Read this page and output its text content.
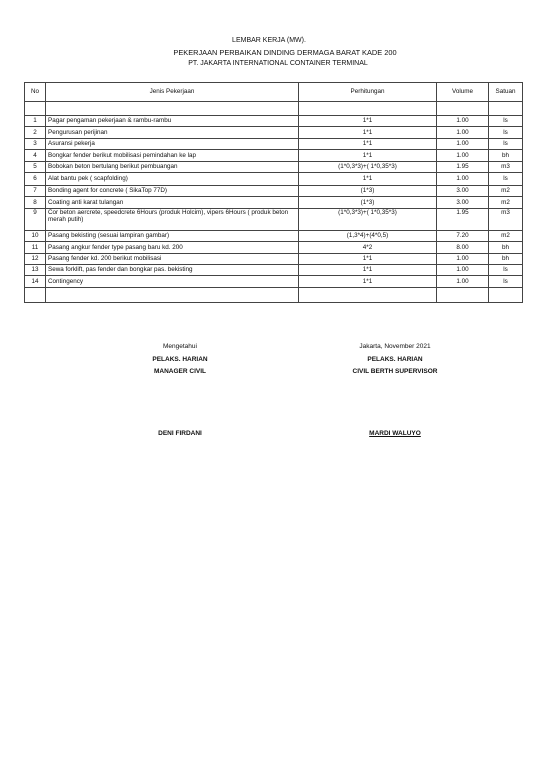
LEMBAR KERJA (MW).
PEKERJAAN PERBAIKAN DINDING DERMAGA BARAT KADE 200
PT. JAKARTA INTERNATIONAL CONTAINER TERMINAL
No	Jenis Pekerjaan	Perhitungan	Volume	Satuan

1	Pagar pengaman pekerjaan & rambu-rambu	1*1	1.00	ls
2	Pengurusan perijinan	1*1	1.00	ls
3	Asuransi pekerja	1*1	1.00	ls
4	Bongkar fender berikut mobilisasi pemindahan ke lap	1*1	1.00	bh
5	Bobokan beton bertulang berikut pembuangan	(1*0,3*3)+( 1*0,35*3)	1.95	m3
6	Alat bantu pek ( scapfolding)	1*1	1.00	ls
7	Bonding agent for concrete ( SikaTop 77D)	(1*3)	3.00	m2
8	Coating anti karat tulangan	(1*3)	3.00	m2
9	Cor beton aercrete, speedcrete 6Hours (produk Holcim), vipers 6Hours ( produk beton merah putih)	(1*0,3*3)+( 1*0,35*3)	1.95	m3
10	Pasang bekisting (sesuai lampiran gambar)	(1,3*4)+(4*0,5)	7.20	m2
11	Pasang angkur fender type pasang baru kd. 200	4*2	8.00	bh
12	Pasang fender kd. 200 berikut mobilisasi	1*1	1.00	bh
13	Sewa forklift, pas fender dan bongkar pas. bekisting	1*1	1.00	ls
14	Contingency	1*1	1.00	ls

Mengetahui
PELAKS. HARIAN
MANAGER CIVIL
DENI FIRDANI
Jakarta, November 2021
PELAKS. HARIAN
CIVIL BERTH SUPERVISOR
MARDI WALUYO
